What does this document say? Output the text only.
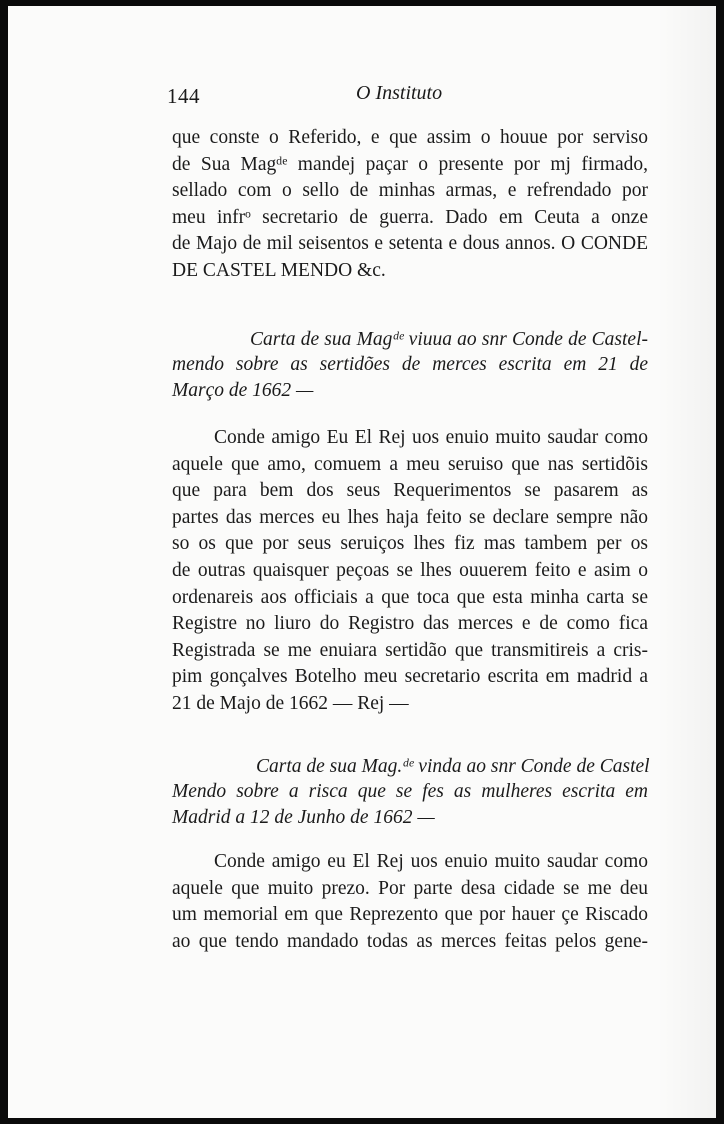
144	O Instituto
que conste o Referido, e que assim o houue por serviso
de Sua Magᵈᵉ mandej paçar o presente por mj firmado,
sellado com o sello de minhas armas, e refrendado por
meu infrᵒ secretario de guerra. Dado em Ceuta a onze
de Majo de mil seisentos e setenta e dous annos. O CONDE
DE CASTEL MENDO &c.
Carta de sua Magᵈᵉ viuua ao snr Conde de Castel-
mendo sobre as sertidões de merces escrita em 21 de
Março de 1662 —
Conde amigo Eu El Rej uos enuio muito saudar como
aquele que amo, comuem a meu seruiso que nas sertidõis
que para bem dos seus Requerimentos se pasarem as
partes das merces eu lhes haja feito se declare sempre não
so os que por seus seruiços lhes fiz mas tambem per os
de outras quaisquer peçoas se lhes ouuerem feito e asim o
ordenareis aos officiais a que toca que esta minha carta se
Registre no liuro do Registro das merces e de como fica
Registrada se me enuiara sertidão que transmitireis a cris-
pim gonçalves Botelho meu secretario escrita em madrid a
21 de Majo de 1662 — Rej —
Carta de sua Mag.ᵈᵉ vinda ao snr Conde de Castel
Mendo sobre a risca que se fes as mulheres escrita em
Madrid a 12 de Junho de 1662 —
Conde amigo eu El Rej uos enuio muito saudar como
aquele que muito prezo. Por parte desa cidade se me deu
um memorial em que Reprezento que por hauer çe Riscado
ao que tendo mandado todas as merces feitas pelos gene-
